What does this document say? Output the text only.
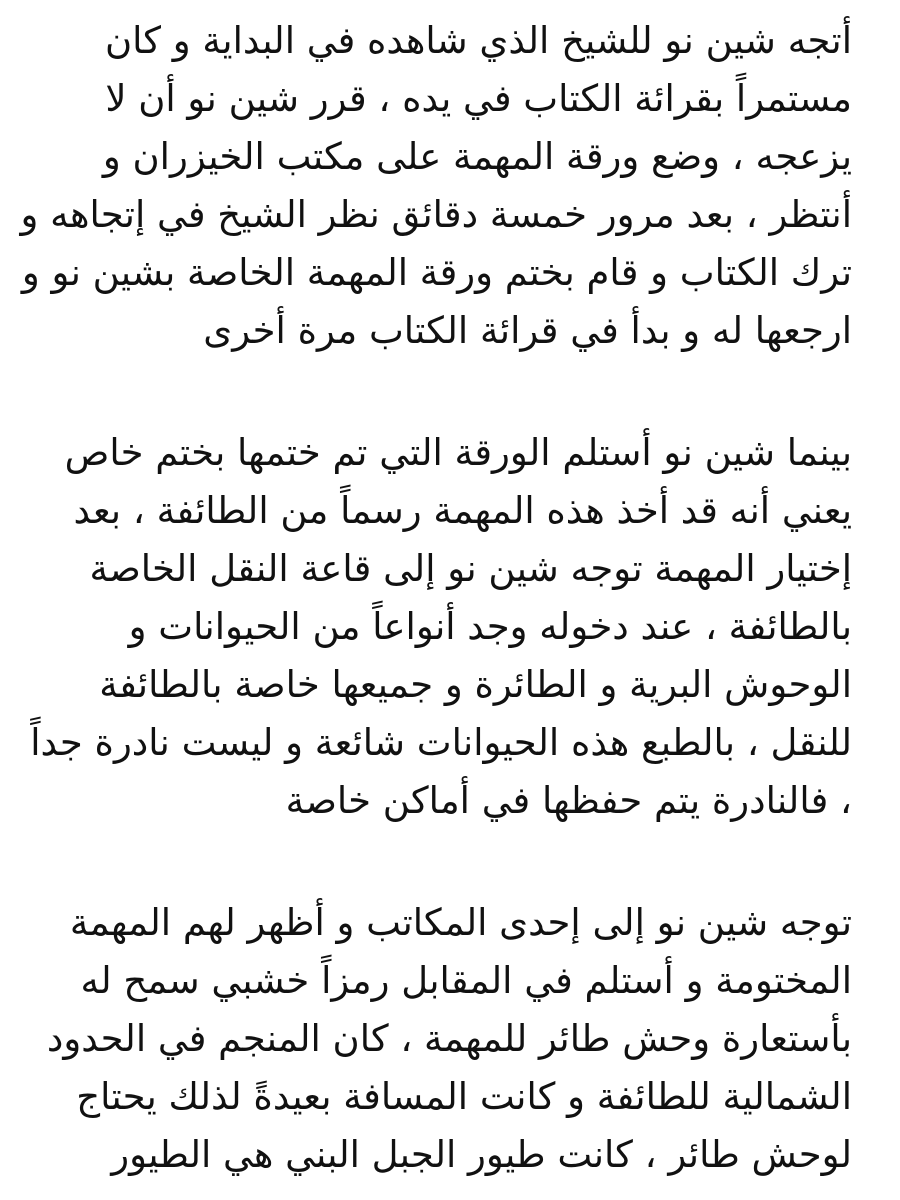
أتجه شين نو للشيخ الذي شاهده في البداية و كان
مستمراً بقرائة الكتاب في يده ، قرر شين نو أن لا
يزعجه ، وضع ورقة المهمة على مكتب الخيزران و
أنتظر ، بعد مرور خمسة دقائق نظر الشيخ في إتجاهه و
ترك الكتاب و قام بختم ورقة المهمة الخاصة بشين نو و
ارجعها له و بدأ في قرائة الكتاب مرة أخرى
بينما شين نو أستلم الورقة التي تم ختمها بختم خاص
يعني أنه قد أخذ هذه المهمة رسماً من الطائفة ، بعد
إختيار المهمة توجه شين نو إلى قاعة النقل الخاصة
بالطائفة ، عند دخوله وجد أنواعاً من الحيوانات و
الوحوش البرية و الطائرة و جميعها خاصة بالطائفة
للنقل ، بالطبع هذه الحيوانات شائعة و ليست نادرة جداً
، فالنادرة يتم حفظها في أماكن خاصة
توجه شين نو إلى إحدى المكاتب و أظهر لهم المهمة
المختومة و أستلم في المقابل رمزاً خشبي سمح له
بأستعارة وحش طائر للمهمة ، كان المنجم في الحدود
الشمالية للطائفة و كانت المسافة بعيدةً لذلك يحتاج
لوحش طائر ، كانت طيور الجبل البني هي الطيور
